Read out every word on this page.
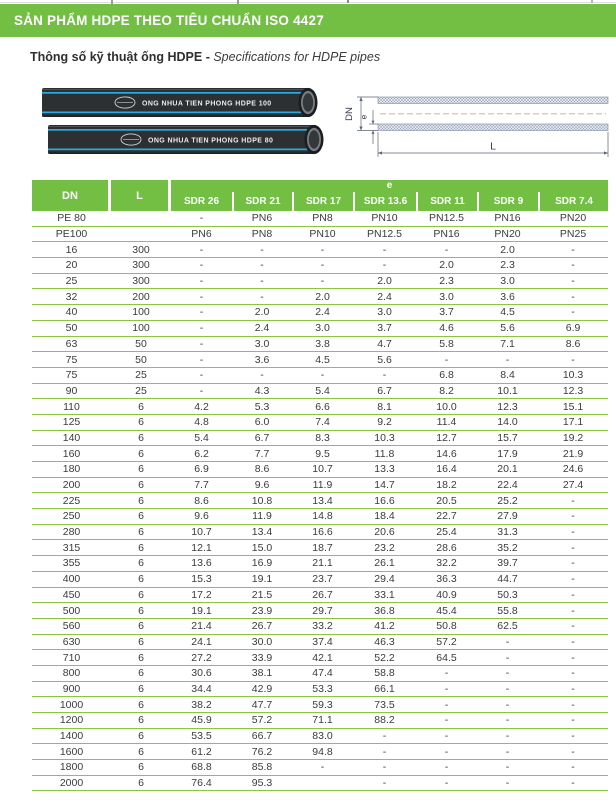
SẢN PHẨM HDPE THEO TIÊU CHUẨN ISO 4427
Thông số kỹ thuật ống HDPE - Specifications for HDPE pipes
ONG NHUA TIEN PHONG HDPE 100
ONG NHUA TIEN PHONG HDPE 80
DN e
L
DN	L	e						
		SDR 26	SDR 21	SDR 17	SDR 13.6	SDR 11	SDR 9	SDR 7.4
PE 80		-	PN6	PN8	PN10	PN12.5	PN16	PN20
PE100		PN6	PN8	PN10	PN12.5	PN16	PN20	PN25
16	300	-	-	-	-	-	2.0	-
20	300	-	-	-	-	2.0	2.3	-
25	300	-	-	-	2.0	2.3	3.0	-
32	200	-	-	2.0	2.4	3.0	3.6	-
40	100	-	2.0	2.4	3.0	3.7	4.5	-
50	100	-	2.4	3.0	3.7	4.6	5.6	6.9
63	50	-	3.0	3.8	4.7	5.8	7.1	8.6
75	50	-	3.6	4.5	5.6	-	-	-
75	25	-	-	-	-	6.8	8.4	10.3
90	25	-	4.3	5.4	6.7	8.2	10.1	12.3
110	6	4.2	5.3	6.6	8.1	10.0	12.3	15.1
125	6	4.8	6.0	7.4	9.2	11.4	14.0	17.1
140	6	5.4	6.7	8.3	10.3	12.7	15.7	19.2
160	6	6.2	7.7	9.5	11.8	14.6	17.9	21.9
180	6	6.9	8.6	10.7	13.3	16.4	20.1	24.6
200	6	7.7	9.6	11.9	14.7	18.2	22.4	27.4
225	6	8.6	10.8	13.4	16.6	20.5	25.2	-
250	6	9.6	11.9	14.8	18.4	22.7	27.9	-
280	6	10.7	13.4	16.6	20.6	25.4	31.3	-
315	6	12.1	15.0	18.7	23.2	28.6	35.2	-
355	6	13.6	16.9	21.1	26.1	32.2	39.7	-
400	6	15.3	19.1	23.7	29.4	36.3	44.7	-
450	6	17.2	21.5	26.7	33.1	40.9	50.3	-
500	6	19.1	23.9	29.7	36.8	45.4	55.8	-
560	6	21.4	26.7	33.2	41.2	50.8	62.5	-
630	6	24.1	30.0	37.4	46.3	57.2	-	-
710	6	27.2	33.9	42.1	52.2	64.5	-	-
800	6	30.6	38.1	47.4	58.8	-	-	-
900	6	34.4	42.9	53.3	66.1	-	-	-
1000	6	38.2	47.7	59.3	73.5	-	-	-
1200	6	45.9	57.2	71.1	88.2	-	-	-
1400	6	53.5	66.7	83.0	-	-	-	-
1600	6	61.2	76.2	94.8	-	-	-	-
1800	6	68.8	85.8	-	-	-	-	-
2000	6	76.4	95.3		-	-	-	-
